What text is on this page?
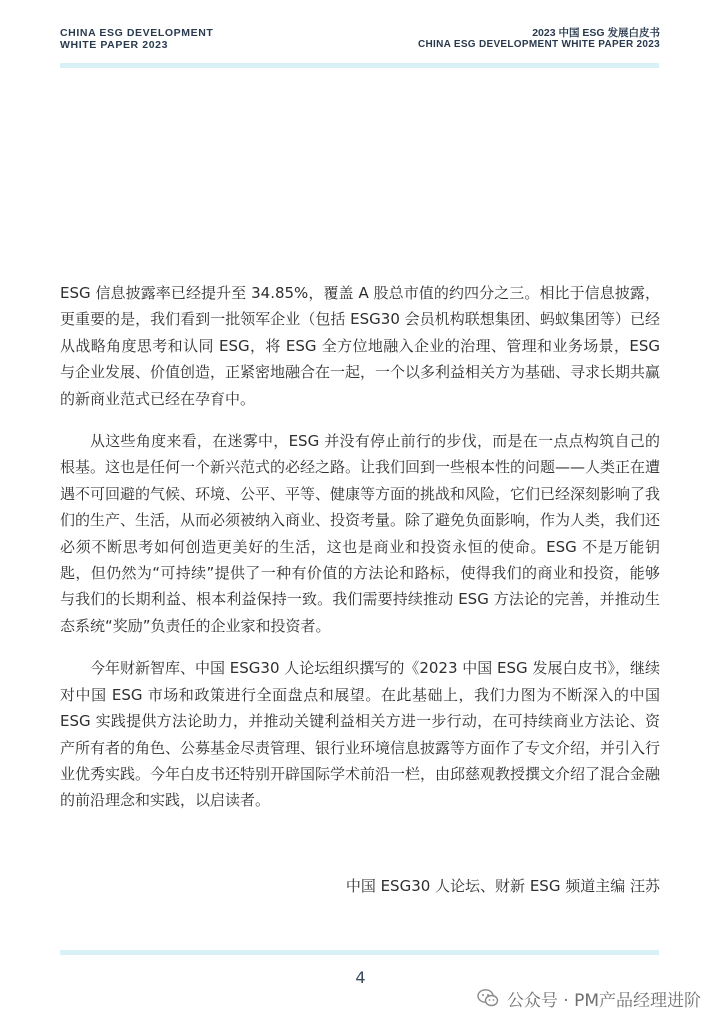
CHINA ESG DEVELOPMENT
WHITE PAPER 2023
2023 中国 ESG 发展白皮书
CHINA ESG DEVELOPMENT WHITE PAPER 2023

ESG 信息披露率已经提升至 34.85%，覆盖 A 股总市值的约四分之三。相比于信息披露，更重要的是，我们看到一批领军企业（包括 ESG30 会员机构联想集团、蚂蚁集团等）已经从战略角度思考和认同 ESG，将 ESG 全方位地融入企业的治理、管理和业务场景，ESG 与企业发展、价值创造，正紧密地融合在一起，一个以多利益相关方为基础、寻求长期共赢的新商业范式已经在孕育中。

从这些角度来看，在迷雾中，ESG 并没有停止前行的步伐，而是在一点点构筑自己的根基。这也是任何一个新兴范式的必经之路。让我们回到一些根本性的问题——人类正在遭遇不可回避的气候、环境、公平、平等、健康等方面的挑战和风险，它们已经深刻影响了我们的生产、生活，从而必须被纳入商业、投资考量。除了避免负面影响，作为人类，我们还必须不断思考如何创造更美好的生活，这也是商业和投资永恒的使命。ESG 不是万能钥匙，但仍然为“可持续”提供了一种有价值的方法论和路标，使得我们的商业和投资，能够与我们的长期利益、根本利益保持一致。我们需要持续推动 ESG 方法论的完善，并推动生态系统“奖励”负责任的企业家和投资者。

今年财新智库、中国 ESG30 人论坛组织撰写的《2023 中国 ESG 发展白皮书》，继续对中国 ESG 市场和政策进行全面盘点和展望。在此基础上，我们力图为不断深入的中国 ESG 实践提供方法论助力，并推动关键利益相关方进一步行动，在可持续商业方法论、资产所有者的角色、公募基金尽责管理、银行业环境信息披露等方面作了专文介绍，并引入行业优秀实践。今年白皮书还特别开辟国际学术前沿一栏，由邱慈观教授撰文介绍了混合金融的前沿理念和实践，以启读者。

中国 ESG30 人论坛、财新 ESG 频道主编 汪苏
4
公众号 · PM产品经理进阶
